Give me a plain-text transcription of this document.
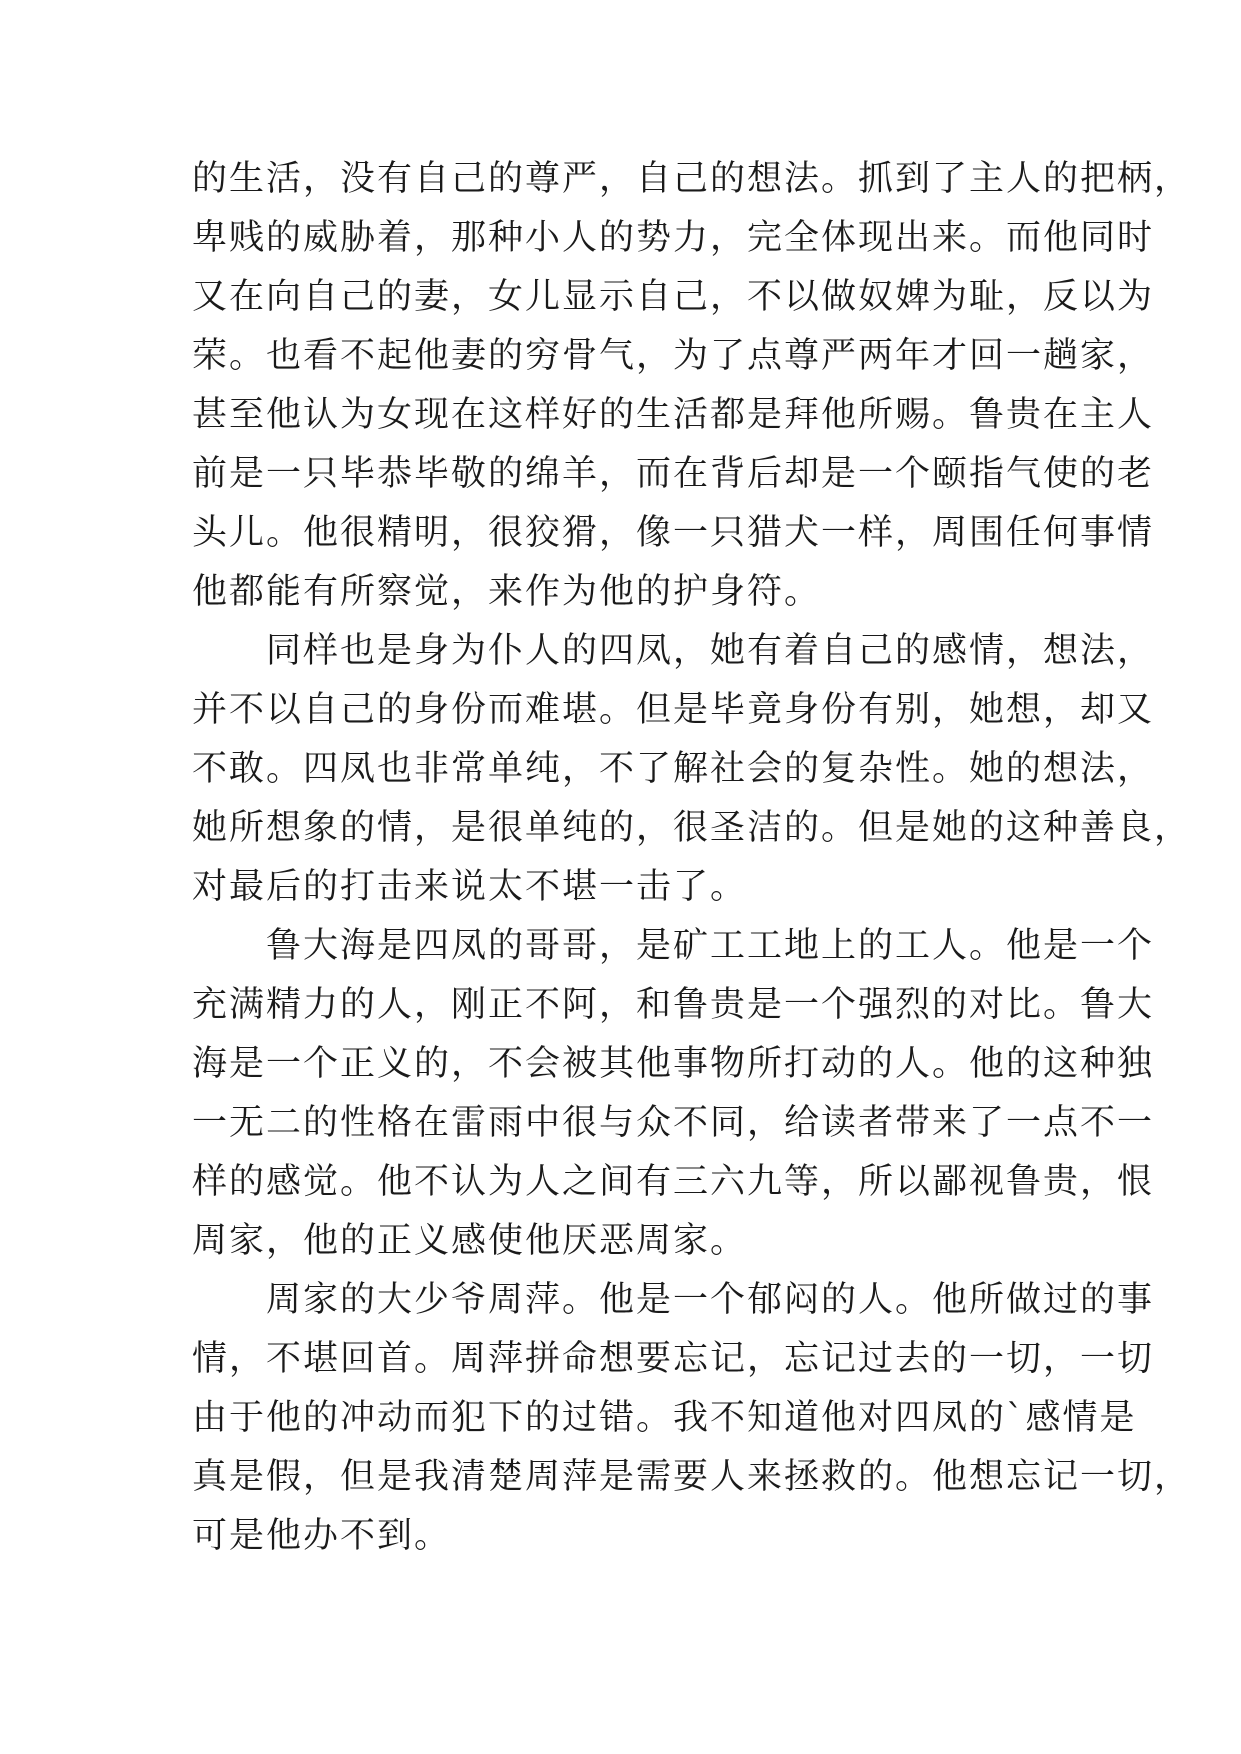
的生活，没有自己的尊严，自己的想法。抓到了主人的把柄，
卑贱的威胁着，那种小人的势力，完全体现出来。而他同时
又在向自己的妻，女儿显示自己，不以做奴婢为耻，反以为
荣。也看不起他妻的穷骨气，为了点尊严两年才回一趟家，
甚至他认为女现在这样好的生活都是拜他所赐。鲁贵在主人
前是一只毕恭毕敬的绵羊，而在背后却是一个颐指气使的老
头儿。他很精明，很狡猾，像一只猎犬一样，周围任何事情
他都能有所察觉，来作为他的护身符。
　　同样也是身为仆人的四凤，她有着自己的感情，想法，
并不以自己的身份而难堪。但是毕竟身份有别，她想，却又
不敢。四凤也非常单纯，不了解社会的复杂性。她的想法，
她所想象的情，是很单纯的，很圣洁的。但是她的这种善良，
对最后的打击来说太不堪一击了。
　　鲁大海是四凤的哥哥，是矿工工地上的工人。他是一个
充满精力的人，刚正不阿，和鲁贵是一个强烈的对比。鲁大
海是一个正义的，不会被其他事物所打动的人。他的这种独
一无二的性格在雷雨中很与众不同，给读者带来了一点不一
样的感觉。他不认为人之间有三六九等，所以鄙视鲁贵，恨
周家，他的正义感使他厌恶周家。
　　周家的大少爷周萍。他是一个郁闷的人。他所做过的事
情，不堪回首。周萍拼命想要忘记，忘记过去的一切，一切
由于他的冲动而犯下的过错。我不知道他对四凤的`感情是
真是假，但是我清楚周萍是需要人来拯救的。他想忘记一切，
可是他办不到。
